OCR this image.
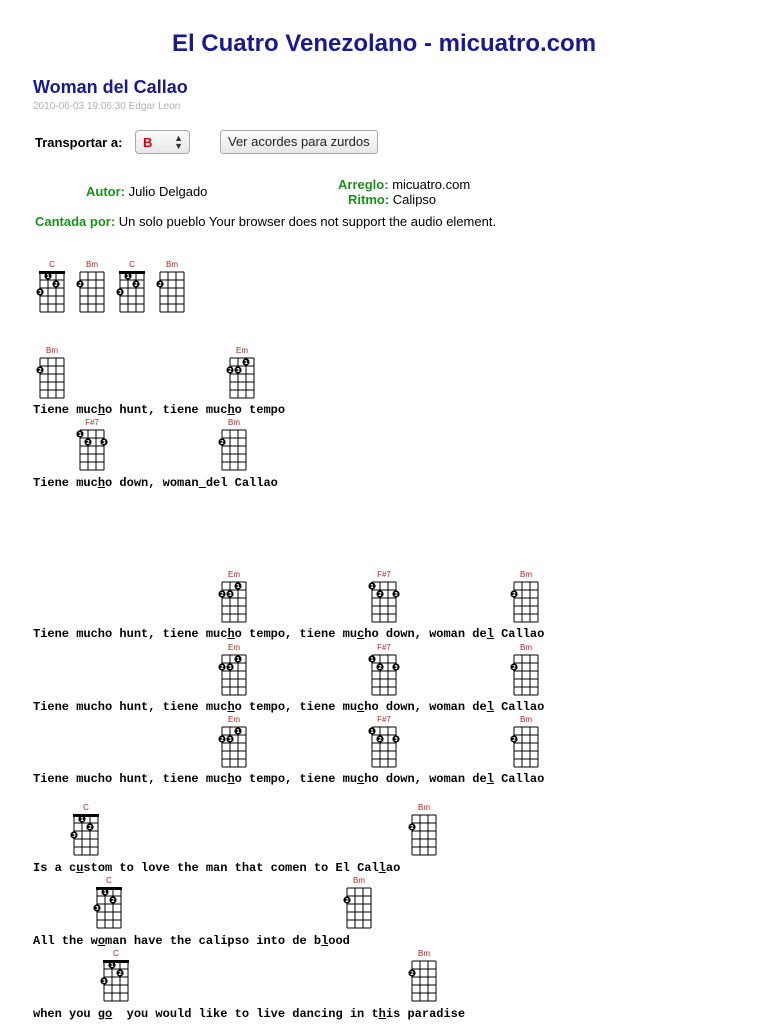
El Cuatro Venezolano - micuatro.com
Woman del Callao
2010-06-03 19:06:30 Edgar Leon
Transportar a:	B ▲
▼	Ver acordes para zurdos
Autor: Julio Delgado	Arreglo: micuatro.com
Ritmo: Calipso
Cantada por: Un solo pueblo Your browser does not support the audio element.
C
1
2
3
Bm
2
C
1
2
3
Bm
2
Bm
2
Em
1
2 3
F#7
1
2 3
Bm
2
Em
1
2 3
F#7
1
2 3
Bm
2
Em
1
2 3
F#7
1
2 3
Bm
2
Em
1
2 3
F#7
1
2 3
Bm
2
C
1
2
3
Bm
2
C
1
2
3
Bm
2
C
1
2
3
Bm
2

Tiene mucho hunt, tiene mucho tempo

Tiene mucho down, woman del Callao

Tiene mucho hunt, tiene mucho tempo, tiene mucho down, woman del Callao

Tiene mucho hunt, tiene mucho tempo, tiene mucho down, woman del Callao

Tiene mucho hunt, tiene mucho tempo, tiene mucho down, woman del Callao

Is a custom to love the man that comen to El Callao

All the woman have the calipso into de blood

when you go  you would like to live dancing in this paradise
